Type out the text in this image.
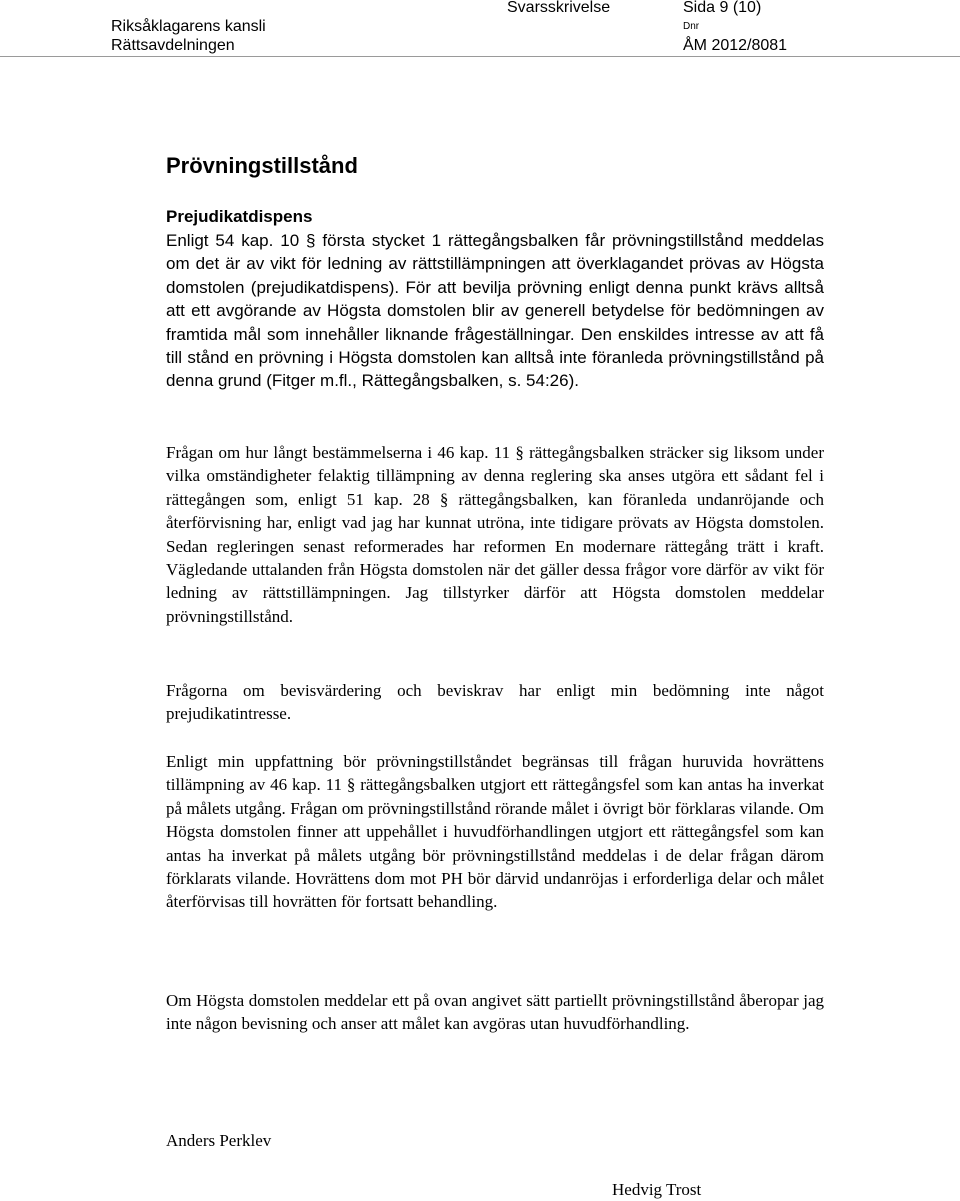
Riksåklagarens kansli
Rättsavdelningen
Svarsskrivelse	Sida 9 (10)
Dnr
ÅM 2012/8081
Prövningstillstånd
Prejudikatdispens

Enligt 54 kap. 10 § första stycket 1 rättegångsbalken får prövningstillstånd meddelas om det är av vikt för ledning av rättstillämpningen att överklagandet prövas av Högsta domstolen (prejudikatdispens). För att bevilja prövning enligt denna punkt krävs alltså att ett avgörande av Högsta domstolen blir av generell betydelse för bedömningen av framtida mål som innehåller liknande frågeställningar. Den enskildes intresse av att få till stånd en prövning i Högsta domstolen kan alltså inte föranleda prövningstillstånd på denna grund (Fitger m.fl., Rättegångsbalken, s. 54:26).

Frågan om hur långt bestämmelserna i 46 kap. 11 § rättegångsbalken sträcker sig liksom under vilka omständigheter felaktig tillämpning av denna reglering ska anses utgöra ett sådant fel i rättegången som, enligt 51 kap. 28 § rättegångsbalken, kan föranleda undanröjande och återförvisning har, enligt vad jag har kunnat utröna, inte tidigare prövats av Högsta domstolen. Sedan regleringen senast reformerades har reformen En modernare rättegång trätt i kraft. Vägledande uttalanden från Högsta domstolen när det gäller dessa frågor vore därför av vikt för ledning av rättstillämpningen. Jag tillstyrker därför att Högsta domstolen meddelar prövningstillstånd.

Frågorna om bevisvärdering och beviskrav har enligt min bedömning inte något prejudikatintresse.

Enligt min uppfattning bör prövningstillståndet begränsas till frågan huruvida hovrättens tillämpning av 46 kap. 11 § rättegångsbalken utgjort ett rättegångsfel som kan antas ha inverkat på målets utgång. Frågan om prövningstillstånd rörande målet i övrigt bör förklaras vilande. Om Högsta domstolen finner att uppehållet i huvudförhandlingen utgjort ett rättegångsfel som kan antas ha inverkat på målets utgång bör prövningstillstånd meddelas i de delar frågan därom förklarats vilande. Hovrättens dom mot PH bör därvid undanröjas i erforderliga delar och målet återförvisas till hovrätten för fortsatt behandling.

Om Högsta domstolen meddelar ett på ovan angivet sätt partiellt prövningstillstånd åberopar jag inte någon bevisning och anser att målet kan avgöras utan huvudförhandling.

Anders Perklev
Hedvig Trost
